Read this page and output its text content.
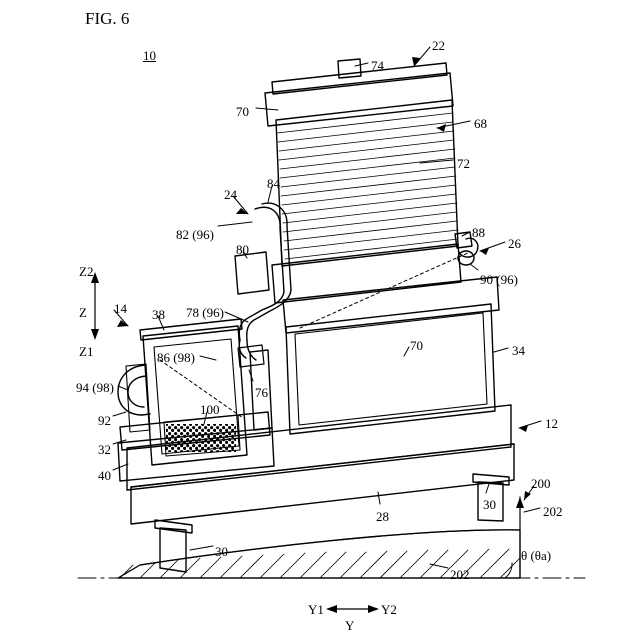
FIG. 6
10
74
22
70
68
72
24
84
82 (96)
80
88
26
90 (96)
Z2
Z
Z1
14 38 78 (96)
86 (98)
70	34
94 (98)	76
92
100
12
32
40
200
202
28
30
θ (θa)
30
202
Y1	Y2
Y
